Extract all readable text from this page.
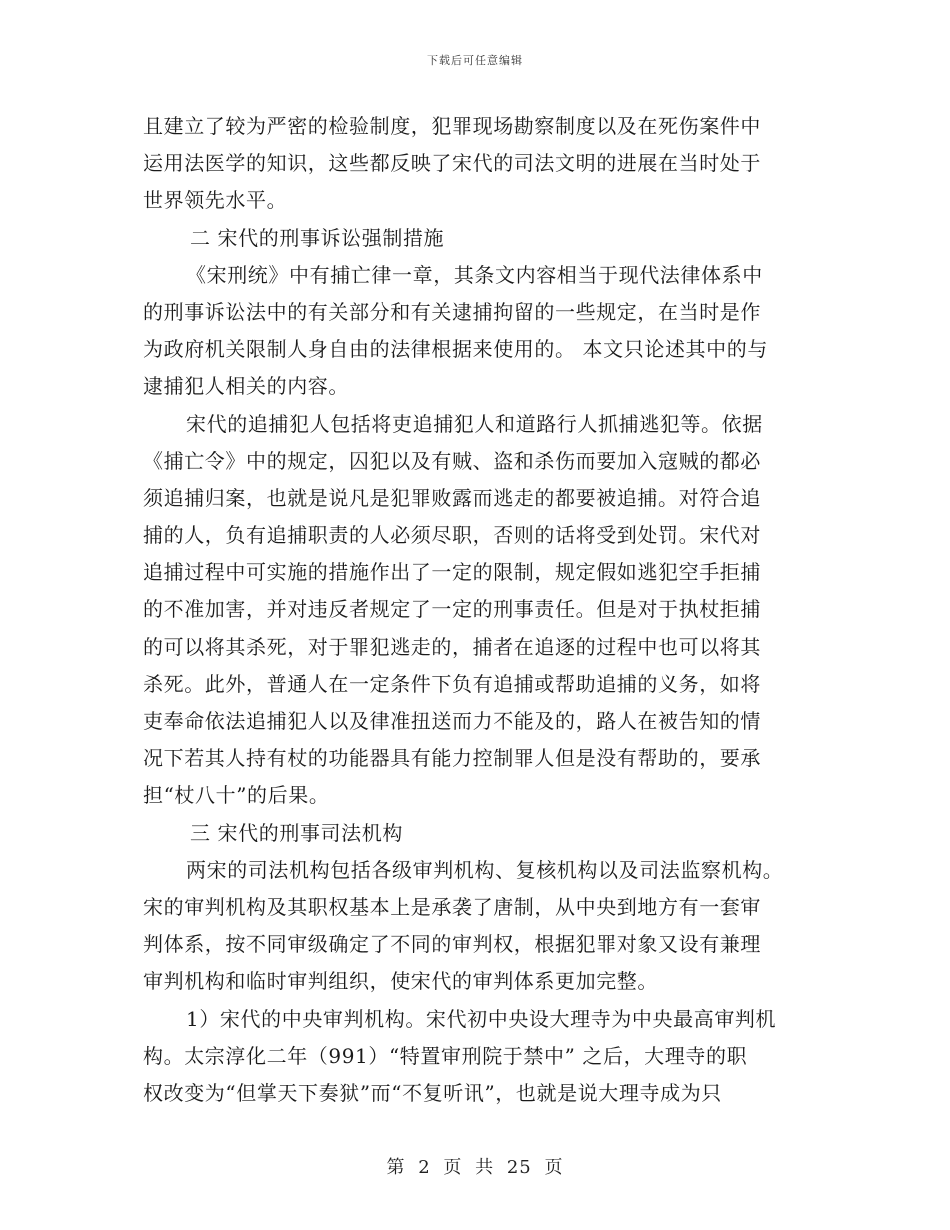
下载后可任意编辑
且建立了较为严密的检验制度，犯罪现场勘察制度以及在死伤案件中
运用法医学的知识，这些都反映了宋代的司法文明的进展在当时处于
世界领先水平。
二 宋代的刑事诉讼强制措施
《宋刑统》中有捕亡律一章，其条文内容相当于现代法律体系中
的刑事诉讼法中的有关部分和有关逮捕拘留的一些规定，在当时是作
为政府机关限制人身自由的法律根据来使用的。 本文只论述其中的与
逮捕犯人相关的内容。
宋代的追捕犯人包括将吏追捕犯人和道路行人抓捕逃犯等。依据
《捕亡令》中的规定，囚犯以及有贼、盗和杀伤而要加入寇贼的都必
须追捕归案，也就是说凡是犯罪败露而逃走的都要被追捕。对符合追
捕的人，负有追捕职责的人必须尽职，否则的话将受到处罚。宋代对
追捕过程中可实施的措施作出了一定的限制，规定假如逃犯空手拒捕
的不准加害，并对违反者规定了一定的刑事责任。但是对于执杖拒捕
的可以将其杀死，对于罪犯逃走的，捕者在追逐的过程中也可以将其
杀死。此外，普通人在一定条件下负有追捕或帮助追捕的义务，如将
吏奉命依法追捕犯人以及律准扭送而力不能及的，路人在被告知的情
况下若其人持有杖的功能器具有能力控制罪人但是没有帮助的，要承
担“杖八十”的后果。
三 宋代的刑事司法机构
两宋的司法机构包括各级审判机构、复核机构以及司法监察机构。
宋的审判机构及其职权基本上是承袭了唐制，从中央到地方有一套审
判体系，按不同审级确定了不同的审判权，根据犯罪对象又设有兼理
审判机构和临时审判组织，使宋代的审判体系更加完整。
1）宋代的中央审判机构。宋代初中央设大理寺为中央最高审判机
构。太宗淳化二年（991）“特置审刑院于禁中” 之后，大理寺的职
权改变为“但掌天下奏狱”而“不复听讯”，也就是说大理寺成为只
第 2 页 共 25 页
